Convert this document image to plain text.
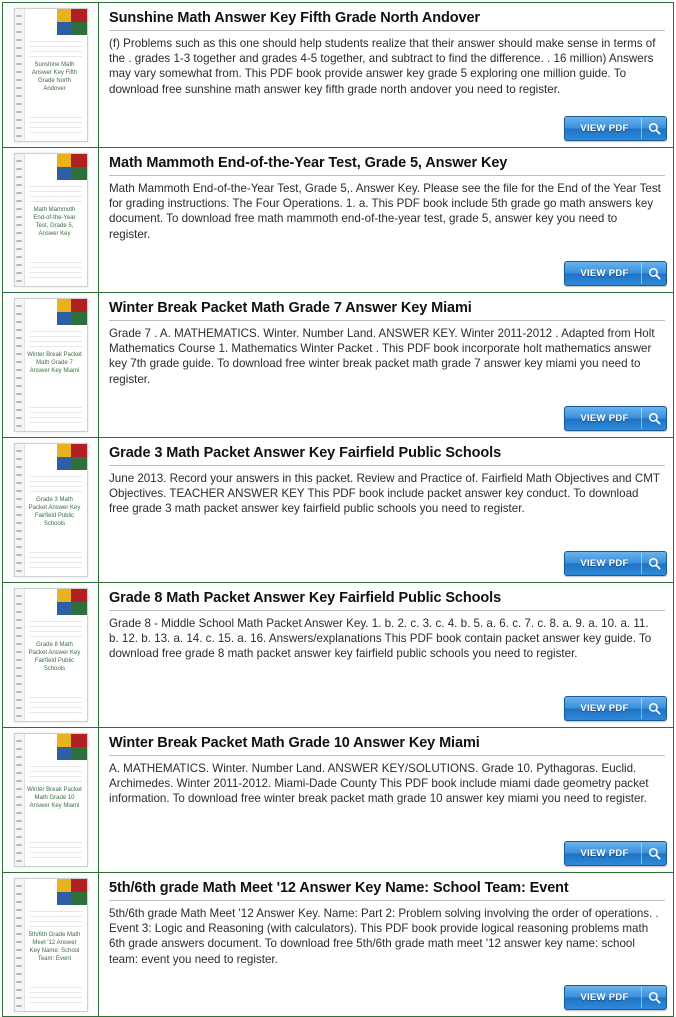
Sunshine Math Answer Key Fifth Grade North Andover
Sunshine Math Answer Key Fifth Grade North Andover

(f) Problems such as this one should help students realize that their answer should make sense in terms of the . grades 1-3 together and grades 4-5 together, and subtract to find the difference. . 16 million) Answers may vary somewhat from. This PDF book provide answer key grade 5 exploring one million guide. To download free sunshine math answer key fifth grade north andover you need to register.

VIEW PDF
Math Mammoth End-of-the-Year Test, Grade 5, Answer Key
Math Mammoth End-of-the-Year Test, Grade 5, Answer Key

Math Mammoth End-of-the-Year Test, Grade 5,. Answer Key. Please see the file for the End of the Year Test for grading instructions. The Four Operations. 1. a. This PDF book include 5th grade go math answers key document. To download free math mammoth end-of-the-year test, grade 5, answer key you need to register.

VIEW PDF
Winter Break Packet Math Grade 7 Answer Key Miami
Winter Break Packet Math Grade 7 Answer Key Miami

Grade 7 . A. MATHEMATICS. Winter. Number Land. ANSWER KEY. Winter 2011-2012 . Adapted from Holt Mathematics Course 1. Mathematics Winter Packet . This PDF book incorporate holt mathematics answer key 7th grade guide. To download free winter break packet math grade 7 answer key miami you need to register.

VIEW PDF
Grade 3 Math Packet Answer Key Fairfield Public Schools
Grade 3 Math Packet Answer Key Fairfield Public Schools

June 2013. Record your answers in this packet. Review and Practice of. Fairfield Math Objectives and CMT Objectives. TEACHER ANSWER KEY This PDF book include packet answer key conduct. To download free grade 3 math packet answer key fairfield public schools you need to register.

VIEW PDF
Grade 8 Math Packet Answer Key Fairfield Public Schools
Grade 8 Math Packet Answer Key Fairfield Public Schools

Grade 8 - Middle School Math Packet Answer Key. 1. b. 2. c. 3. c. 4. b. 5. a. 6. c. 7. c. 8. a. 9. a. 10. a. 11. b. 12. b. 13. a. 14. c. 15. a. 16. Answers/explanations This PDF book contain packet answer key guide. To download free grade 8 math packet answer key fairfield public schools you need to register.

VIEW PDF
Winter Break Packet Math Grade 10 Answer Key Miami
Winter Break Packet Math Grade 10 Answer Key Miami

A. MATHEMATICS. Winter. Number Land. ANSWER KEY/SOLUTIONS. Grade 10. Pythagoras. Euclid. Archimedes. Winter 2011-2012. Miami-Dade County This PDF book include miami dade geometry packet information. To download free winter break packet math grade 10 answer key miami you need to register.

VIEW PDF
5th/6th Grade Math Meet '12 Answer Key Name: School Team: Event
5th/6th grade Math Meet '12 Answer Key Name: School Team: Event

5th/6th grade Math Meet '12 Answer Key. Name: Part 2: Problem solving involving the order of operations. . Event 3: Logic and Reasoning (with calculators). This PDF book provide logical reasoning problems math 6th grade answers document. To download free 5th/6th grade math meet '12 answer key name: school team: event you need to register.

VIEW PDF
